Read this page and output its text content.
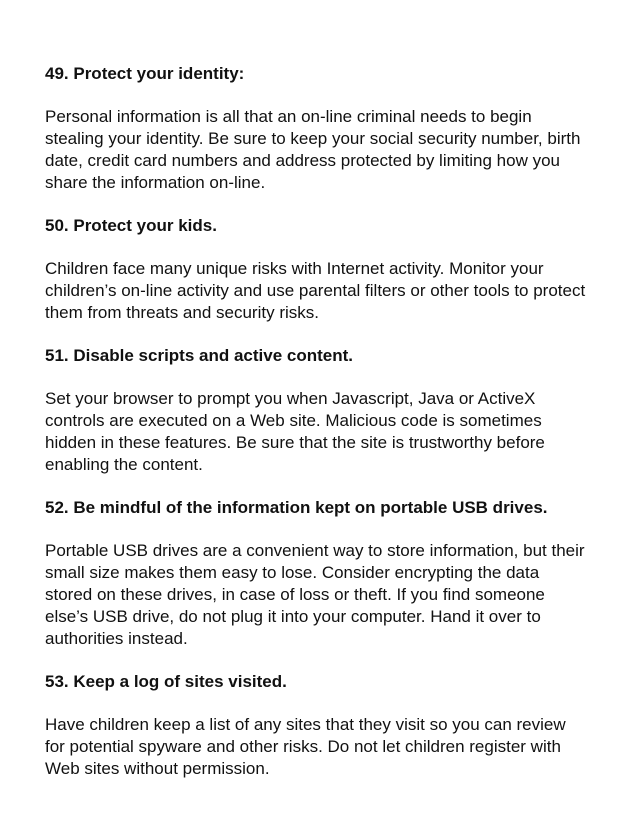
49. Protect your identity:

Personal information is all that an on-line criminal needs to begin
stealing your identity. Be sure to keep your social security number, birth
date, credit card numbers and address protected by limiting how you
share the information on-line.

50. Protect your kids.

Children face many unique risks with Internet activity. Monitor your
children’s on-line activity and use parental filters or other tools to protect
them from threats and security risks.

51. Disable scripts and active content.

Set your browser to prompt you when Javascript, Java or ActiveX
controls are executed on a Web site. Malicious code is sometimes
hidden in these features. Be sure that the site is trustworthy before
enabling the content.

52. Be mindful of the information kept on portable USB drives.

Portable USB drives are a convenient way to store information, but their
small size makes them easy to lose. Consider encrypting the data
stored on these drives, in case of loss or theft. If you find someone
else’s USB drive, do not plug it into your computer. Hand it over to
authorities instead.

53. Keep a log of sites visited.

Have children keep a list of any sites that they visit so you can review
for potential spyware and other risks. Do not let children register with
Web sites without permission.
